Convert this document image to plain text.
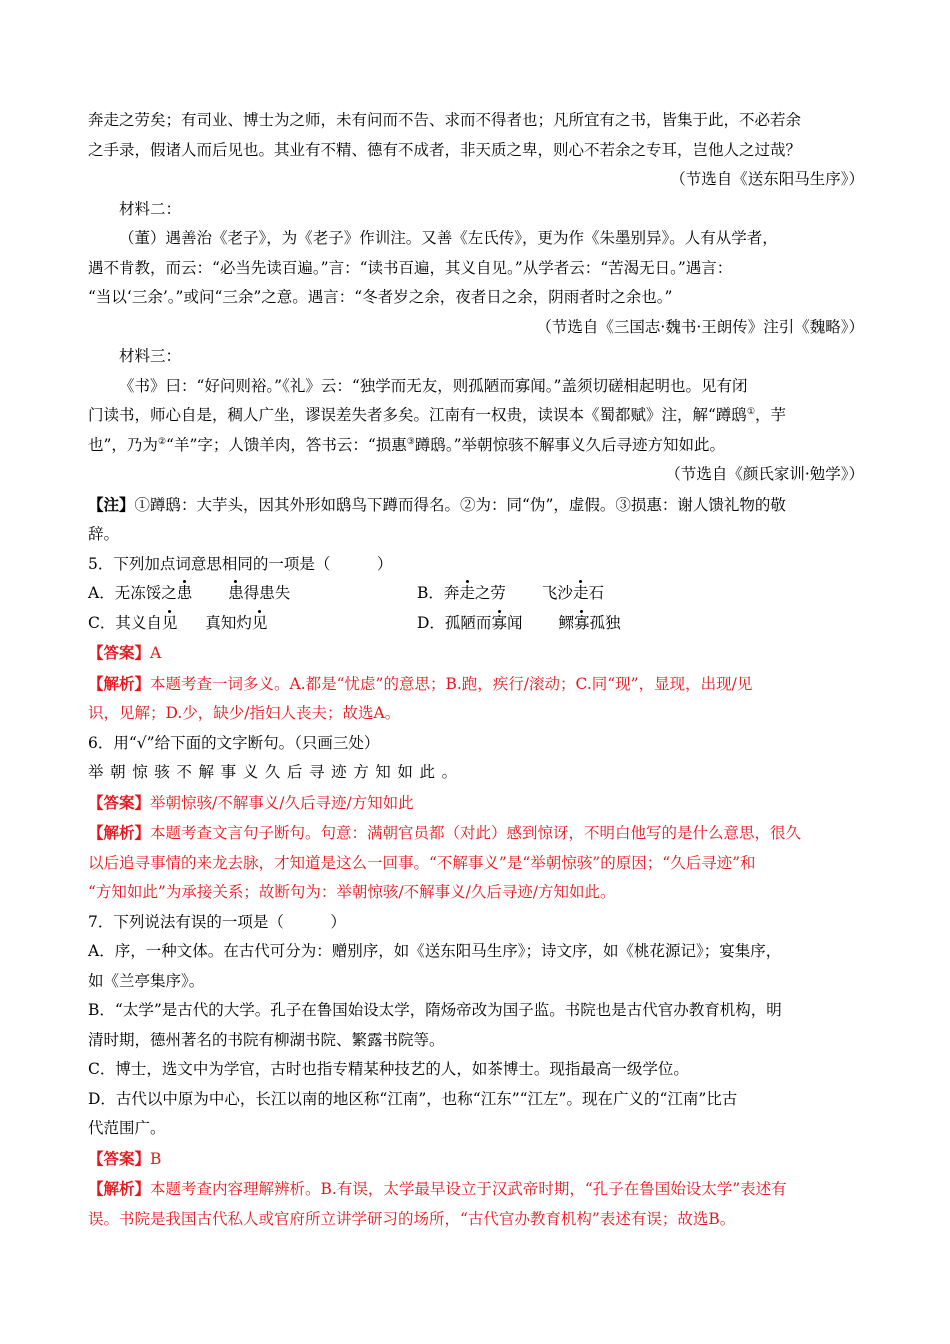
奔走之劳矣；有司业、博士为之师，未有问而不告、求而不得者也；凡所宜有之书，皆集于此，不必若余

之手录，假诸人而后见也。其业有不精、德有不成者，非天质之卑，则心不若余之专耳，岂他人之过哉？

（节选自《送东阳马生序》）

材料二：

（董）遇善治《老子》，为《老子》作训注。又善《左氏传》，更为作《朱墨别异》。人有从学者，

遇不肯教，而云：“必当先读百遍。”言：“读书百遍，其义自见。”从学者云：“苦渴无日。”遇言：

“当以‘三余’。”或问“三余”之意。遇言：“冬者岁之余，夜者日之余，阴雨者时之余也。”

（节选自《三国志·魏书·王朗传》注引《魏略》）

材料三：

《书》曰：“好问则裕。”《礼》云：“独学而无友，则孤陋而寡闻。”盖须切磋相起明也。见有闭

门读书，师心自是，稠人广坐，谬误差失者多矣。江南有一权贵，读误本《蜀都赋》注，解“蹲鸱①，芋

也”，乃为②“羊”字；人馈羊肉，答书云：“损惠③蹲鸱。”举朝惊骇不解事义久后寻迹方知如此。

（节选自《颜氏家训·勉学》）

【注】①蹲鸱：大芋头，因其外形如鸱鸟下蹲而得名。②为：同“伪”，虚假。③损惠：谢人馈礼物的敬

辞。

5．下列加点词意思相同的一项是（　　　）

A．无冻馁之患 患得患失	B．奔走之劳 飞沙走石
C．其义自见 真知灼见	D．孤陋而寡闻 鳏寡孤独

【答案】A

【解析】本题考查一词多义。A.都是“忧虑”的意思；B.跑，疾行/滚动；C.同“现”，显现，出现/见

识，见解；D.少，缺少/指妇人丧夫；故选A。

6．用“√”给下面的文字断句。（只画三处）

举朝惊骇不解事义久后寻迹方知如此。

【答案】举朝惊骇/不解事义/久后寻迹/方知如此

【解析】本题考查文言句子断句。句意：满朝官员都（对此）感到惊讶，不明白他写的是什么意思，很久

以后追寻事情的来龙去脉，才知道是这么一回事。“不解事义”是“举朝惊骇”的原因；“久后寻迹”和

“方知如此”为承接关系；故断句为：举朝惊骇/不解事义/久后寻迹/方知如此。

7．下列说法有误的一项是（　　　）

A．序，一种文体。在古代可分为：赠别序，如《送东阳马生序》；诗文序，如《桃花源记》；宴集序，

如《兰亭集序》。

B．“太学”是古代的大学。孔子在鲁国始设太学，隋炀帝改为国子监。书院也是古代官办教育机构，明

清时期，德州著名的书院有柳湖书院、繁露书院等。

C．博士，选文中为学官，古时也指专精某种技艺的人，如茶博士。现指最高一级学位。

D．古代以中原为中心，长江以南的地区称“江南”，也称“江东”“江左”。现在广义的“江南”比古

代范围广。

【答案】B

【解析】本题考查内容理解辨析。B.有误，太学最早设立于汉武帝时期，“孔子在鲁国始设太学”表述有

误。书院是我国古代私人或官府所立讲学研习的场所，“古代官办教育机构”表述有误；故选B。
